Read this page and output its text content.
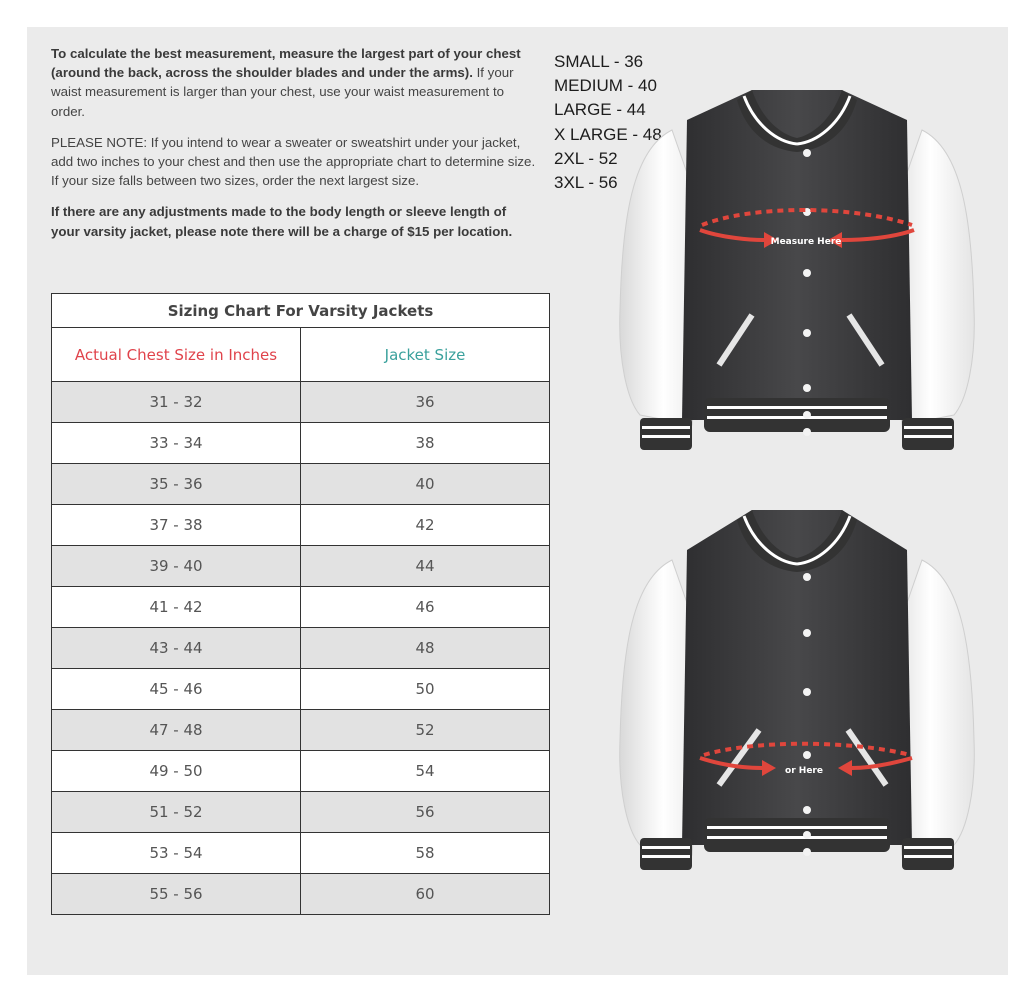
To calculate the best measurement, measure the largest part of your chest (around the back, across the shoulder blades and under the arms). If your waist measurement is larger than your chest, use your waist measurement to order.

PLEASE NOTE: If you intend to wear a sweater or sweatshirt under your jacket, add two inches to your chest and then use the appropriate chart to determine size. If your size falls between two sizes, order the next largest size.

If there are any adjustments made to the body length or sleeve length of your varsity jacket, please note there will be a charge of $15 per location.

Sizing Chart For Varsity Jackets	
Actual Chest Size in Inches	Jacket Size
31 - 32	36
33 - 34	38
35 - 36	40
37 - 38	42
39 - 40	44
41 - 42	46
43 - 44	48
45 - 46	50
47 - 48	52
49 - 50	54
51 - 52	56
53 - 54	58
55 - 56	60
SMALL - 36
MEDIUM - 40
LARGE - 44
X LARGE - 48
2XL - 52
3XL - 56
Measure Here
or Here
